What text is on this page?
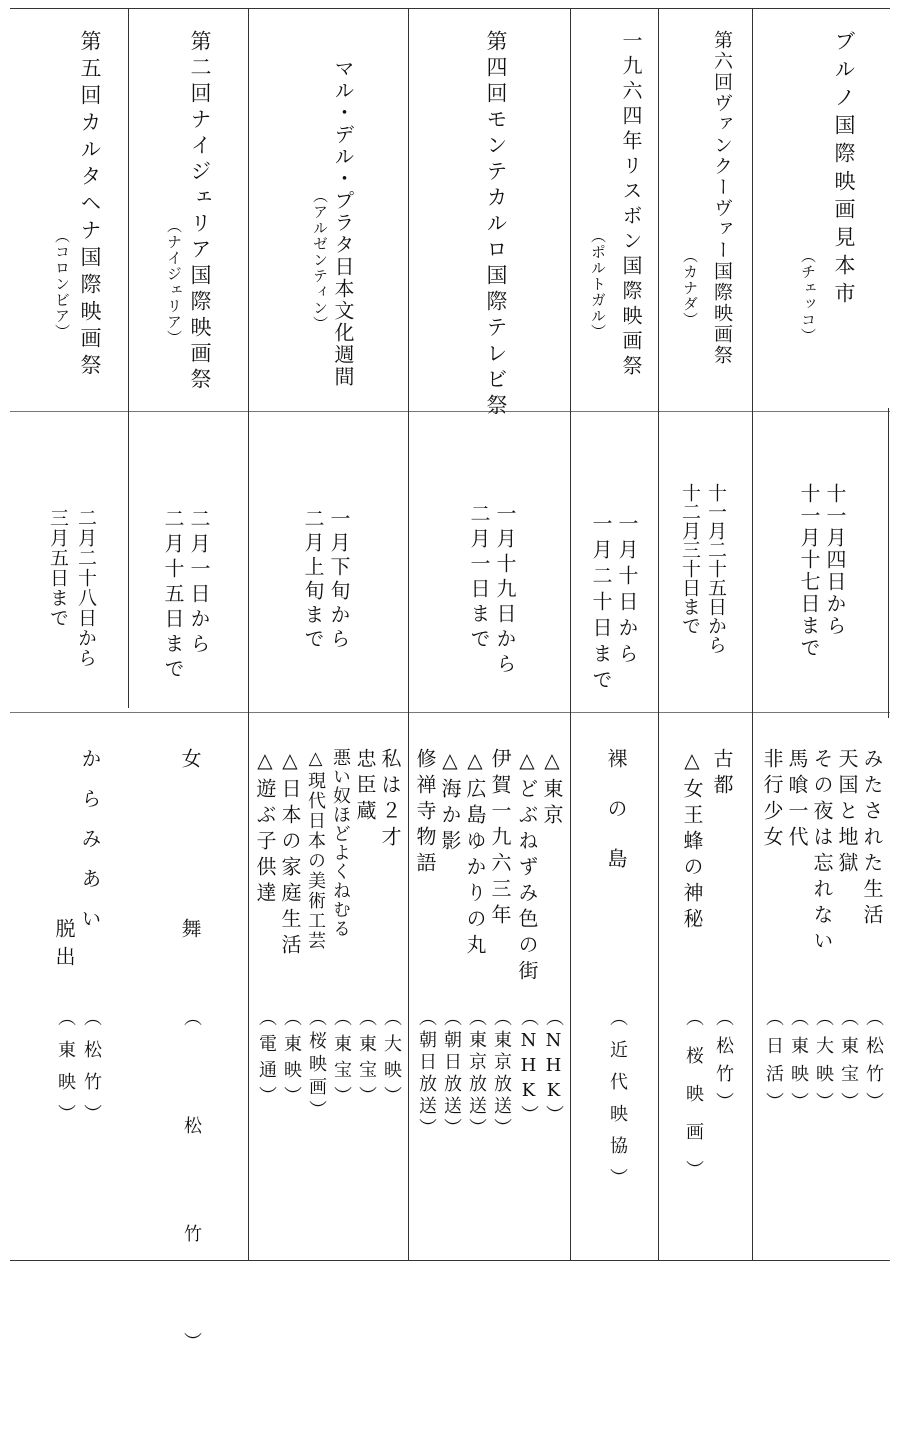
ブルノ国際映画見本市
（チェッコ）
十一月四日から
十一月十七日まで
みたされた生活
天国と地獄
その夜は忘れない
馬喰一代
非行少女
（松竹）
（東宝）
（大映）
（東映）
（日活）
第六回ヴァンクーヴァー国際映画祭
（カナダ）
十一月二十五日から
十二月三十日まで
古都
△女王蜂の神秘
（松竹）
（桜映画）
一九六四年リスボン国際映画祭
（ポルトガル）
一月十日から
一月二十日まで
裸の島
（近代映協）
第四回モンテカルロ国際テレビ祭
一月十九日から
二月一日まで
△東京
△どぶねずみ色の街
伊賀一九六三年
△広島ゆかりの丸
△海か影
修禅寺物語
（NHK）
（NHK）
（東京放送）
（東京放送）
（朝日放送）
（朝日放送）
マル・デル・プラタ日本文化週間
（アルゼンティン）
一月下旬から
二月上旬まで
私は２才
忠臣蔵
悪い奴ほどよくねむる
△現代日本の美術工芸
△日本の家庭生活
△遊ぶ子供達
（大映）
（東宝）
（東宝）
（桜映画）
（東映）
（電通）
第二回ナイジェリア国際映画祭
（ナイジェリア）
二月一日から
二月十五日まで
女舞
（松竹）
第五回カルタヘナ国際映画祭
（コロンビア）
二月二十八日から
三月五日まで
からみあい
脱出
（松竹）
（東映）
